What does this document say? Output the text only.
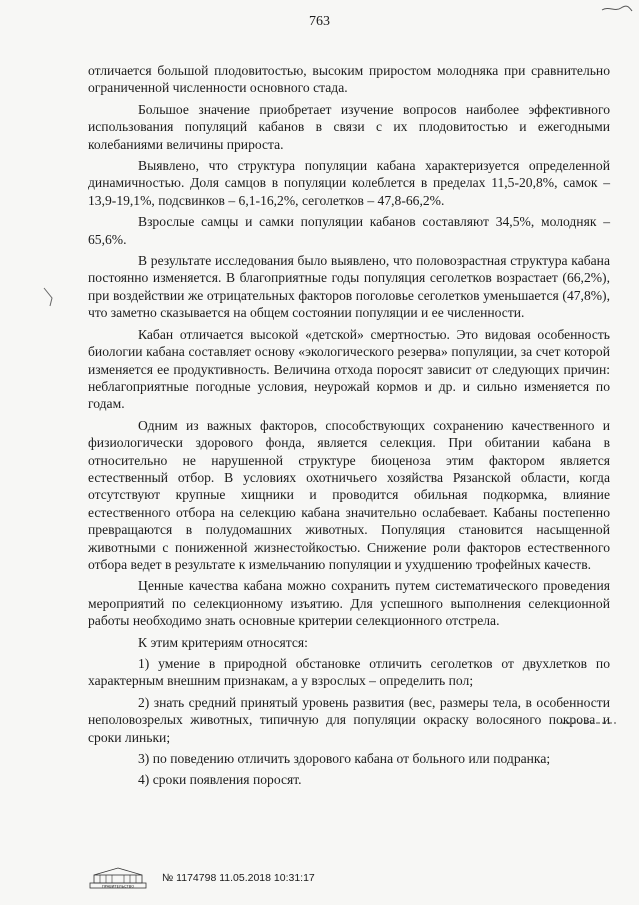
763

отличается большой плодовитостью, высоким приростом молодняка при сравнительно ограниченной численности основного стада.

Большое значение приобретает изучение вопросов наиболее эффективного использования популяций кабанов в связи с их плодовитостью и ежегодными колебаниями величины прироста.

Выявлено, что структура популяции кабана характеризуется определенной динамичностью. Доля самцов в популяции колеблется в пределах 11,5-20,8%, самок – 13,9-19,1%, подсвинков – 6,1-16,2%, сеголетков – 47,8-66,2%.

Взрослые самцы и самки популяции кабанов составляют 34,5%, молодняк – 65,6%.

В результате исследования было выявлено, что половозрастная структура кабана постоянно изменяется. В благоприятные годы популяция сеголетков возрастает (66,2%), при воздействии же отрицательных факторов поголовье сеголетков уменьшается (47,8%), что заметно сказывается на общем состоянии популяции и ее численности.

Кабан отличается высокой «детской» смертностью. Это видовая особенность биологии кабана составляет основу «экологического резерва» популяции, за счет которой изменяется ее продуктивность. Величина отхода поросят зависит от следующих причин: неблагоприятные погодные условия, неурожай кормов и др. и сильно изменяется по годам.

Одним из важных факторов, способствующих сохранению качественного и физиологически здорового фонда, является селекция. При обитании кабана в относительно не нарушенной структуре биоценоза этим фактором является естественный отбор. В условиях охотничьего хозяйства Рязанской области, когда отсутствуют крупные хищники и проводится обильная подкормка, влияние естественного отбора на селекцию кабана значительно ослабевает. Кабаны постепенно превращаются в полудомашних животных. Популяция становится насыщенной животными с пониженной жизнестойкостью. Снижение роли факторов естественного отбора ведет в результате к измельчанию популяции и ухудшению трофейных качеств.

Ценные качества кабана можно сохранить путем систематического проведения мероприятий по селекционному изъятию. Для успешного выполнения селекционной работы необходимо знать основные критерии селекционного отстрела.

К этим критериям относятся:

1) умение в природной обстановке отличить сеголетков от двухлетков по характерным внешним признакам, а у взрослых – определить пол;

2) знать средний принятый уровень развития (вес, размеры тела, в особенности неполовозрелых животных, типичную для популяции окраску волосяного покрова и сроки линьки;

3) по поведению отличить здорового кабана от больного или подранка;

4) сроки появления поросят.

ПРАВИТЕЛЬСТВО
№ 1174798 11.05.2018 10:31:17
